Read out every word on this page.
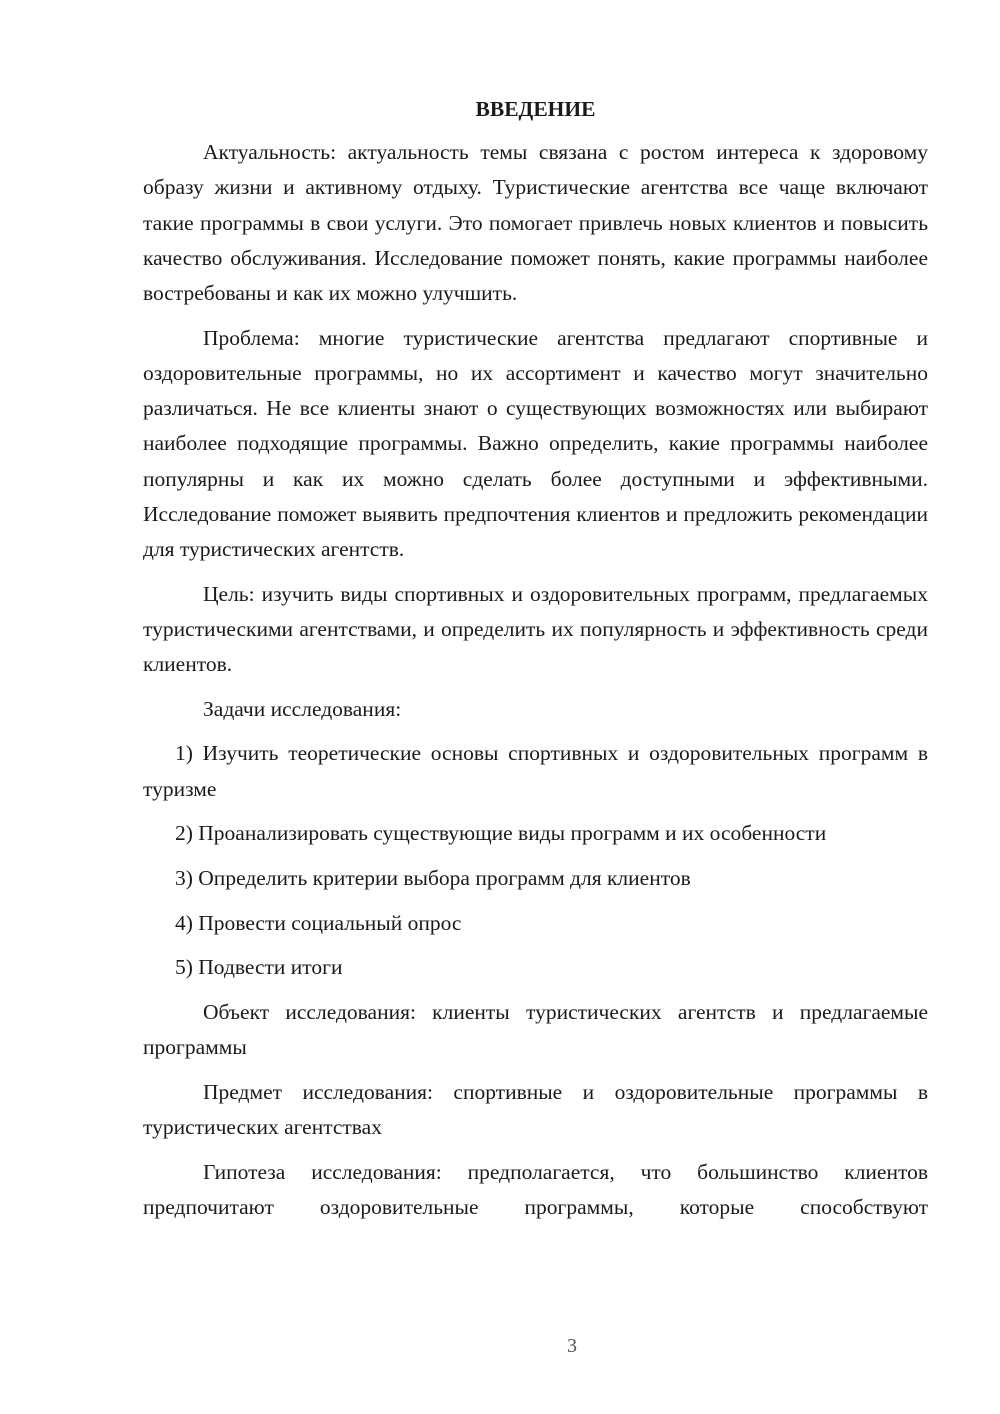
ВВЕДЕНИЕ

Актуальность: актуальность темы связана с ростом интереса к здоровому образу жизни и активному отдыху. Туристические агентства все чаще включают такие программы в свои услуги. Это помогает привлечь новых клиентов и повысить качество обслуживания. Исследование поможет понять, какие программы наиболее востребованы и как их можно улучшить.

Проблема: многие туристические агентства предлагают спортивные и оздоровительные программы, но их ассортимент и качество могут значительно различаться. Не все клиенты знают о существующих возможностях или выбирают наиболее подходящие программы. Важно определить, какие программы наиболее популярны и как их можно сделать более доступными и эффективными. Исследование поможет выявить предпочтения клиентов и предложить рекомендации для туристических агентств.

Цель: изучить виды спортивных и оздоровительных программ, предлагаемых туристическими агентствами, и определить их популярность и эффективность среди клиентов.

Задачи исследования:

1) Изучить теоретические основы спортивных и оздоровительных программ в туризме

2) Проанализировать существующие виды программ и их особенности

3) Определить критерии выбора программ для клиентов

4) Провести социальный опрос

5) Подвести итоги

Объект исследования: клиенты туристических агентств и предлагаемые программы

Предмет исследования: спортивные и оздоровительные программы в туристических агентствах

Гипотеза исследования: предполагается, что большинство клиентов предпочитают оздоровительные программы, которые способствуют

3
